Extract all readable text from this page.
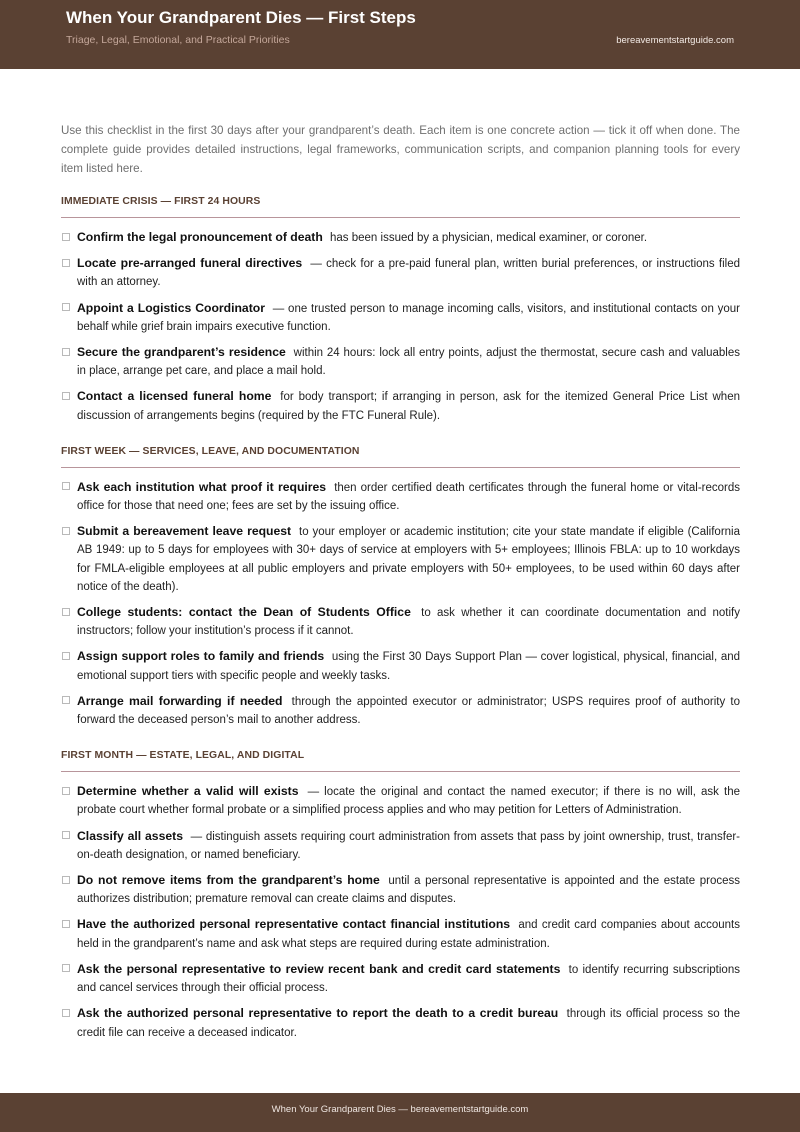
When Your Grandparent Dies — First Steps
Triage, Legal, Emotional, and Practical Priorities	bereavementstartguide.com

Use this checklist in the first 30 days after your grandparent’s death. Each item is one concrete action — tick it off when done. The complete guide provides detailed instructions, legal frameworks, communication scripts, and companion planning tools for every item listed here.

IMMEDIATE CRISIS — FIRST 24 HOURS
Confirm the legal pronouncement of death has been issued by a physician, medical examiner, or coroner.
Locate pre-arranged funeral directives — check for a pre-paid funeral plan, written burial preferences, or instructions filed with an attorney.
Appoint a Logistics Coordinator — one trusted person to manage incoming calls, visitors, and institutional contacts on your behalf while grief brain impairs executive function.
Secure the grandparent’s residence within 24 hours: lock all entry points, adjust the thermostat, secure cash and valuables in place, arrange pet care, and place a mail hold.
Contact a licensed funeral home for body transport; if arranging in person, ask for the itemized General Price List when discussion of arrangements begins (required by the FTC Funeral Rule).
FIRST WEEK — SERVICES, LEAVE, AND DOCUMENTATION
Ask each institution what proof it requires then order certified death certificates through the funeral home or vital-records office for those that need one; fees are set by the issuing office.
Submit a bereavement leave request to your employer or academic institution; cite your state mandate if eligible (California AB 1949: up to 5 days for employees with 30+ days of service at employers with 5+ employees; Illinois FBLA: up to 10 workdays for FMLA-eligible employees at all public employers and private employers with 50+ employees, to be used within 60 days after notice of the death).
College students: contact the Dean of Students Office to ask whether it can coordinate documentation and notify instructors; follow your institution’s process if it cannot.
Assign support roles to family and friends using the First 30 Days Support Plan — cover logistical, physical, financial, and emotional support tiers with specific people and weekly tasks.
Arrange mail forwarding if needed through the appointed executor or administrator; USPS requires proof of authority to forward the deceased person’s mail to another address.
FIRST MONTH — ESTATE, LEGAL, AND DIGITAL
Determine whether a valid will exists — locate the original and contact the named executor; if there is no will, ask the probate court whether formal probate or a simplified process applies and who may petition for Letters of Administration.
Classify all assets — distinguish assets requiring court administration from assets that pass by joint ownership, trust, transfer-on-death designation, or named beneficiary.
Do not remove items from the grandparent’s home until a personal representative is appointed and the estate process authorizes distribution; premature removal can create claims and disputes.
Have the authorized personal representative contact financial institutions and credit card companies about accounts held in the grandparent’s name and ask what steps are required during estate administration.
Ask the personal representative to review recent bank and credit card statements to identify recurring subscriptions and cancel services through their official process.
Ask the authorized personal representative to report the death to a credit bureau through its official process so the credit file can receive a deceased indicator.
When Your Grandparent Dies — bereavementstartguide.com
